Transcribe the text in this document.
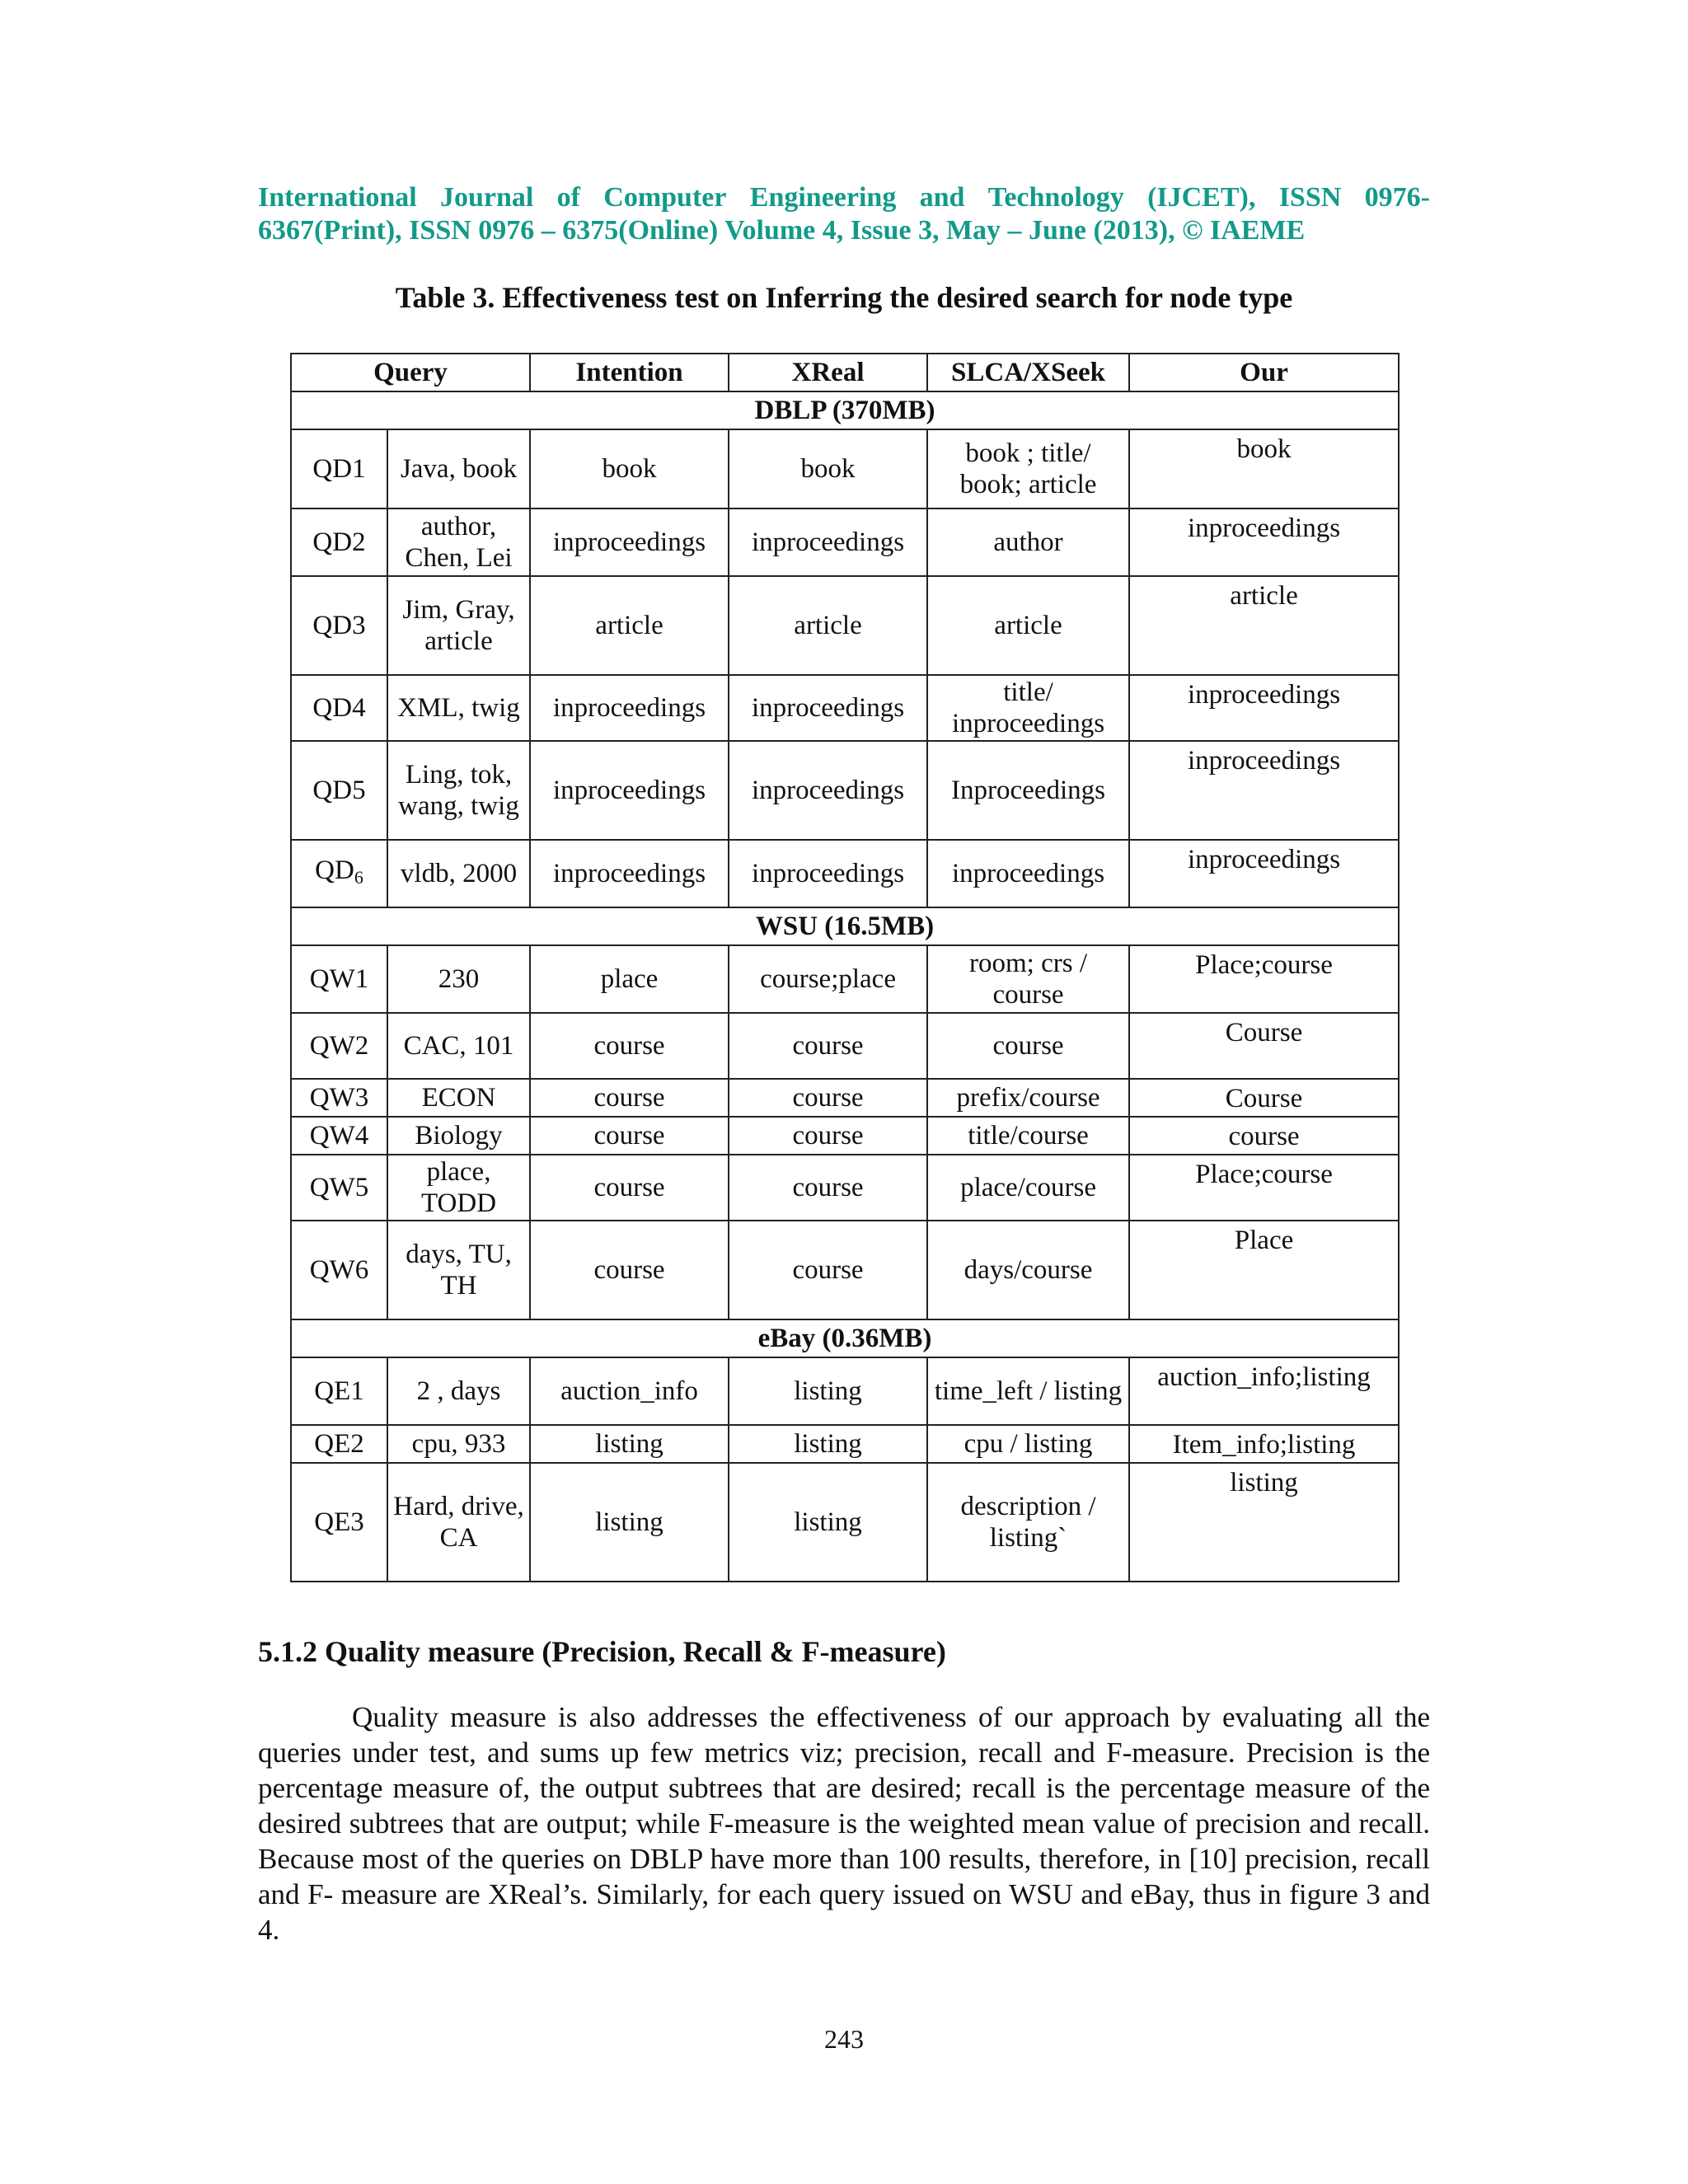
International Journal of Computer Engineering and Technology (IJCET), ISSN 0976-
6367(Print), ISSN 0976 – 6375(Online) Volume 4, Issue 3, May – June (2013), © IAEME
Table 3. Effectiveness test on Inferring the desired search for node type
Query		Intention	XReal	SLCA/XSeek	Our
DBLP (370MB)					
QD1	Java, book	book	book	book ; title/ book; article	book
QD2	author, Chen, Lei	inproceedings	inproceedings	author	inproceedings
QD3	Jim, Gray, article	article	article	article	article
QD4	XML, twig	inproceedings	inproceedings	title/ inproceedings	inproceedings
QD5	Ling, tok, wang, twig	inproceedings	inproceedings	Inproceedings	inproceedings
$QD_6$	vldb, 2000	inproceedings	inproceedings	inproceedings	inproceedings
WSU (16.5MB)					
QW1	230	place	course;place	room; crs / course	Place;course
QW2	CAC, 101	course	course	course	Course
QW3	ECON	course	course	prefix/course	Course
QW4	Biology	course	course	title/course	course
QW5	place, TODD	course	course	place/course	Place;course
QW6	days, TU, TH	course	course	days/course	Place
eBay (0.36MB)					
QE1	2 , days	auction_info	listing	time_left / listing	auction_info;listing
QE2	cpu, 933	listing	listing	cpu / listing	Item_info;listing
QE3	Hard, drive, CA	listing	listing	description / listing`	listing
5.1.2 Quality measure (Precision, Recall & F-measure)

Quality measure is also addresses the effectiveness of our approach by evaluating all the queries under test, and sums up few metrics viz; precision, recall and F-measure. Precision is the percentage measure of, the output subtrees that are desired; recall is the percentage measure of the desired subtrees that are output; while F-measure is the weighted mean value of precision and recall. Because most of the queries on DBLP have more than 100 results, therefore, in [10] precision, recall and F- measure are XReal’s. Similarly, for each query issued on WSU and eBay, thus in figure 3 and 4.

243
